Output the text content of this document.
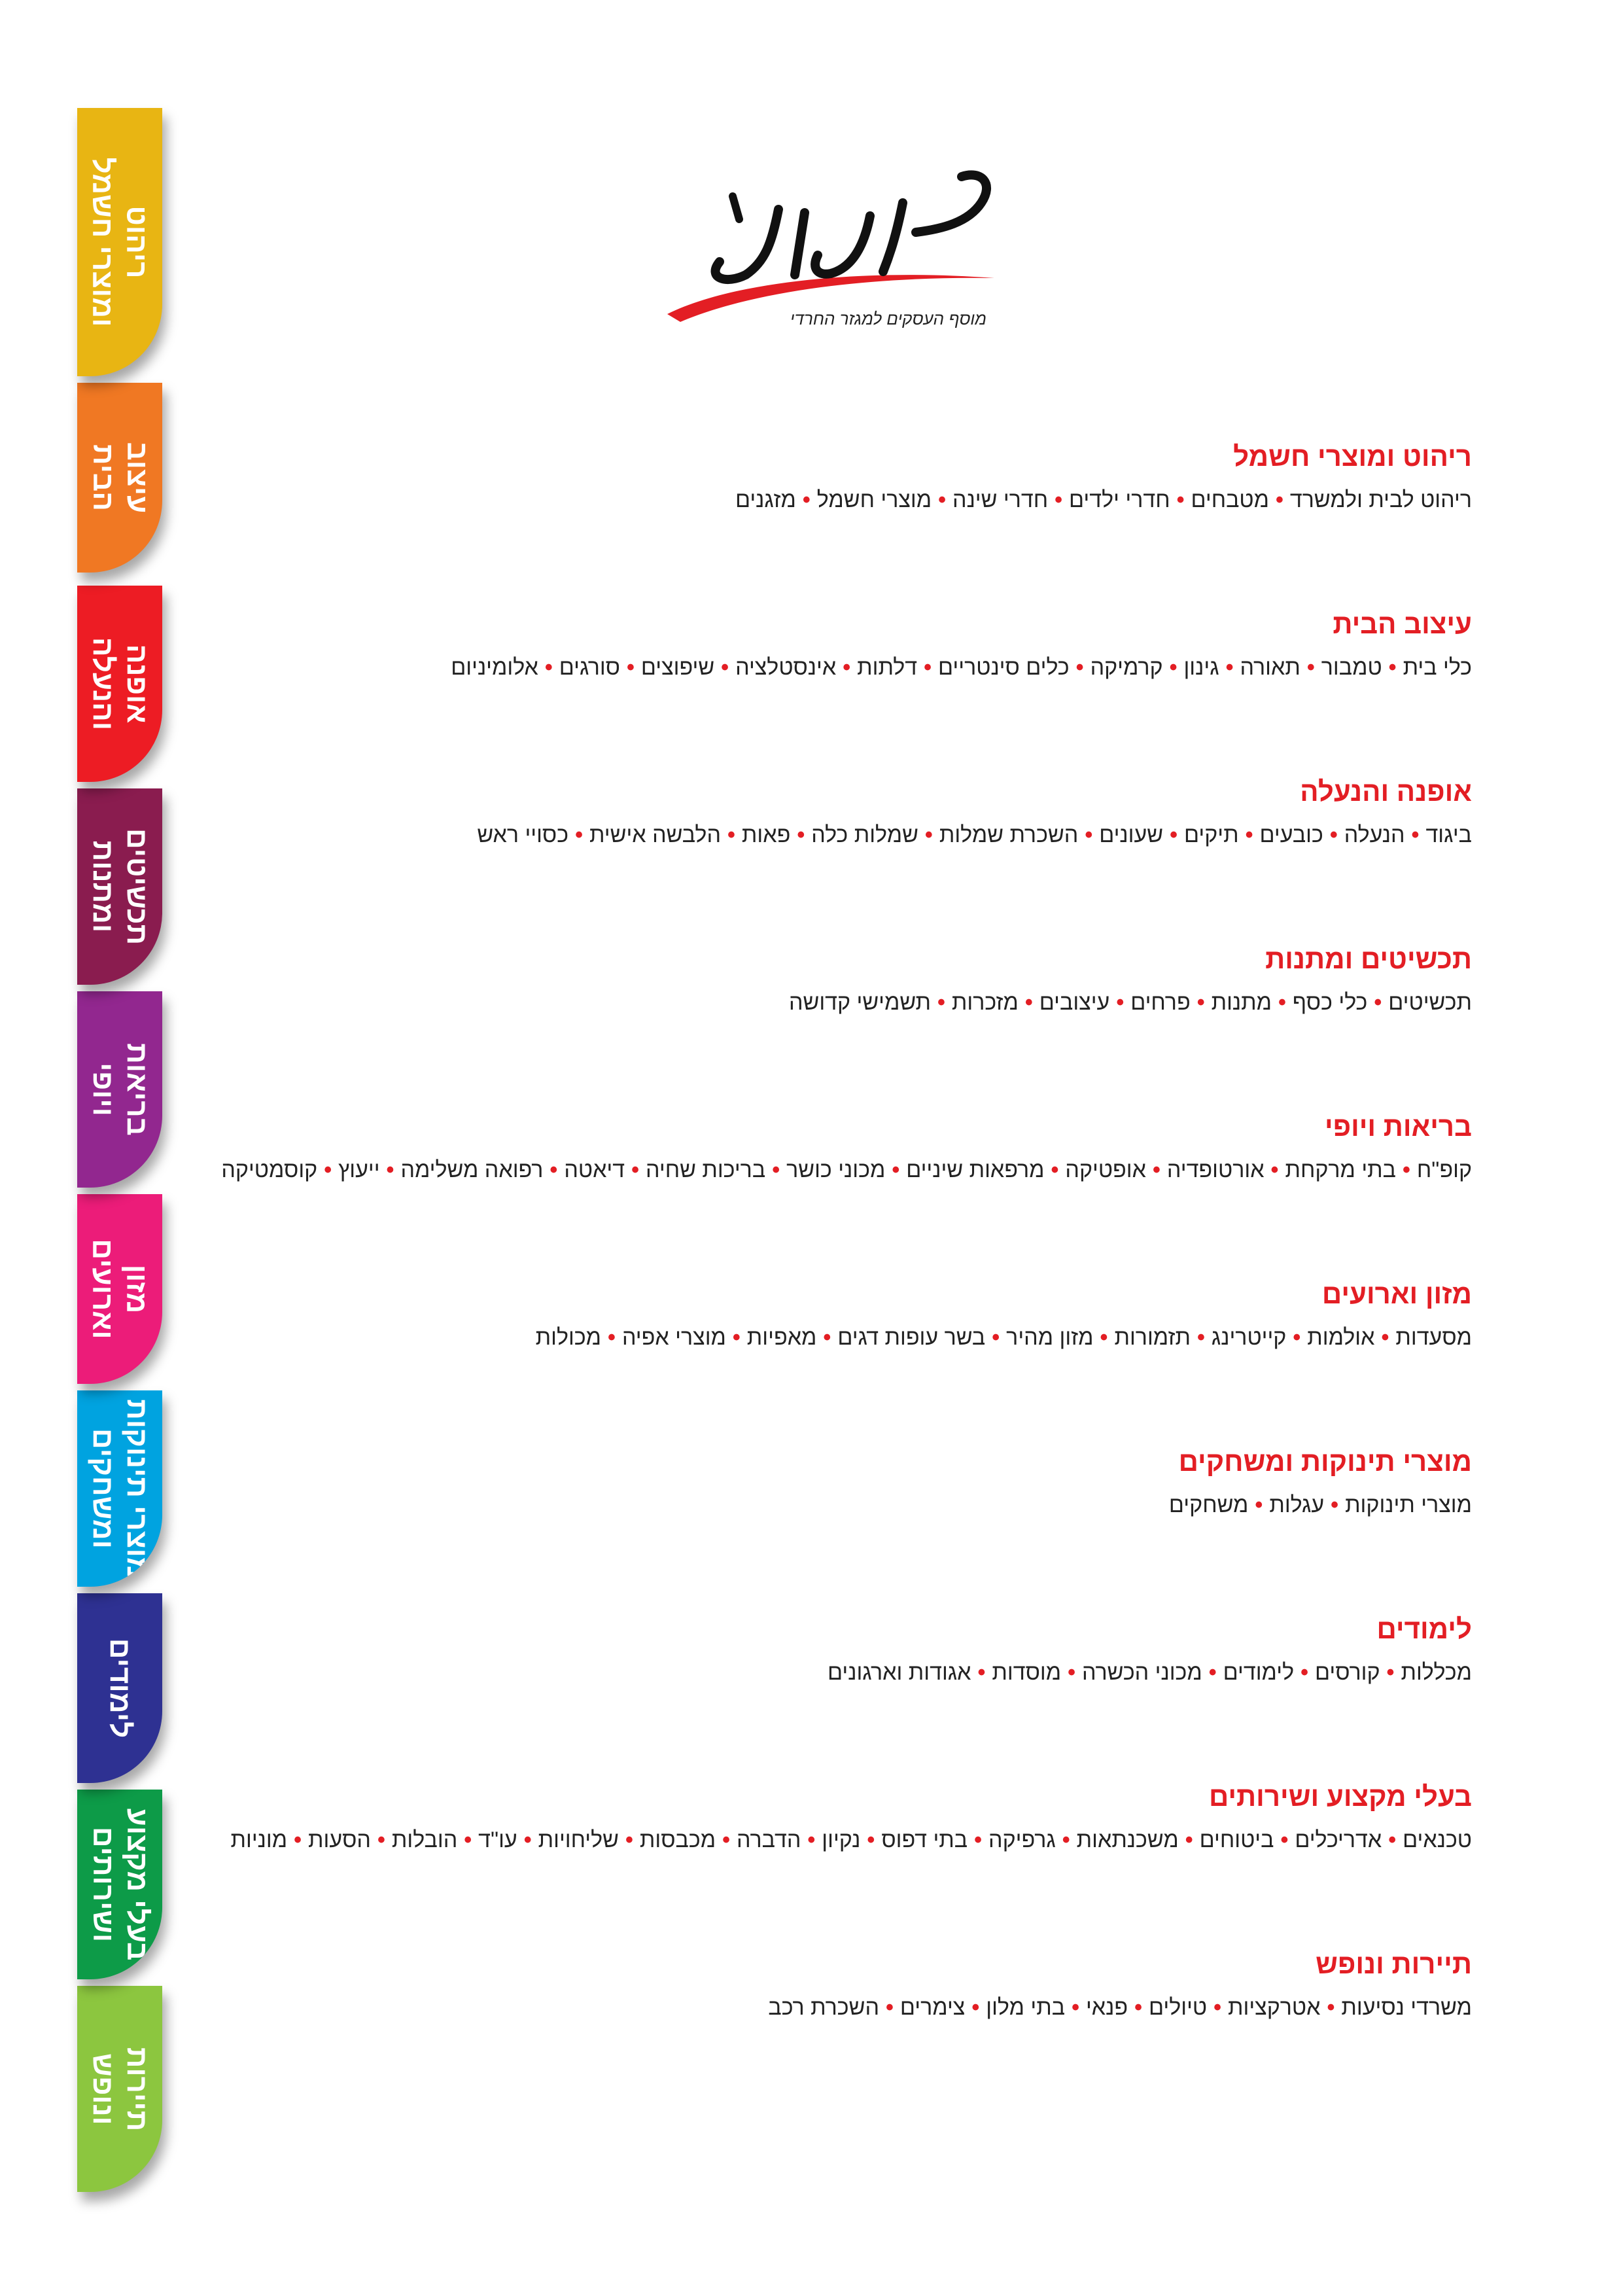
ריהוט
ומוצרי חשמל
עיצוב
הבית
אופנה
והנעלה
תכשיטים
ומתנות
בריאות
ויופי
מזון
וארועים
מוצרי תינוקות
ומשחקים
לימודים
בעלי מקצוע
ושירותים
תיירות
ונופש
מוסף העסקים למגזר החרדי
ריהוט ומוצרי חשמל
ריהוט לבית ולמשרד•מטבחים•חדרי ילדים•חדרי שינה•מוצרי חשמל•מזגנים
עיצוב הבית
כלי בית•טמבור•תאורה•גינון•קרמיקה•כלים סינטריים•דלתות•אינסטלציה•שיפוצים•סורגים•אלומיניום
אופנה והנעלה
ביגוד•הנעלה•כובעים•תיקים•שעונים•השכרת שמלות•שמלות כלה•פאות•הלבשה אישית•כסויי ראש
תכשיטים ומתנות
תכשיטים•כלי כסף•מתנות•פרחים•עיצובים•מזכרות•תשמישי קדושה
בריאות ויופי
קופ"ח•בתי מרקחת•אורטופדיה•אופטיקה•מרפאות שיניים•מכוני כושר•בריכות שחיה•דיאטה•רפואה משלימה•ייעוץ•קוסמטיקה
מזון וארועים
מסעדות•אולמות•קייטרינג•תזמורות•מזון מהיר•בשר עופות דגים•מאפיות•מוצרי אפיה•מכולות
מוצרי תינוקות ומשחקים
מוצרי תינוקות•עגלות•משחקים
לימודים
מכללות•קורסים•לימודים•מכוני הכשרה•מוסדות•אגודות וארגונים
בעלי מקצוע ושירותים
טכנאים•אדריכלים•ביטוחים•משכנתאות•גרפיקה•בתי דפוס•נקיון•הדברה•מכבסות•שליחויות•עו"ד•הובלות•הסעות•מוניות
תיירות ונופש
משרדי נסיעות•אטרקציות•טיולים•פנאי•בתי מלון•צימרים•השכרת רכב
